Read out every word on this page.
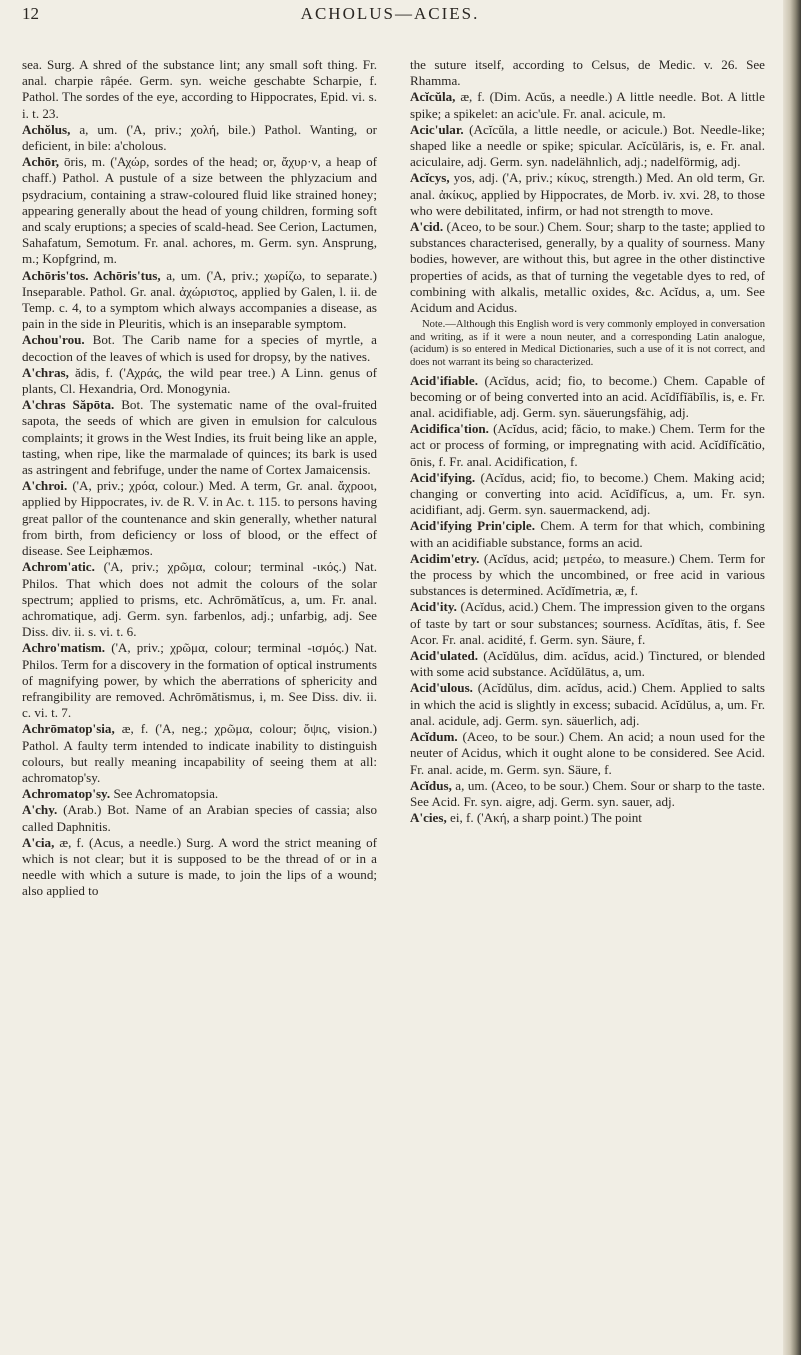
12	ACHOLUS—ACIES.

sea. Surg. A shred of the substance lint; any small soft thing. Fr. anal. charpie râpée. Germ. syn. weiche geschabte Scharpie, f. Pathol. The sordes of the eye, according to Hippocrates, Epid. vi. s. i. t. 23.

Achŏlus, a, um. ('A, priv.; χολή, bile.) Pathol. Wanting, or deficient, in bile: a'cholous.

Achōr, ōris, m. ('Αχώρ, sordes of the head; or, ἄχυρ·ν, a heap of chaff.) Pathol. A pustule of a size between the phlyzacium and psydracium, containing a straw-coloured fluid like strained honey; appearing generally about the head of young children, forming soft and scaly eruptions; a species of scald-head. See Cerion, Lactumen, Sahafatum, Semotum. Fr. anal. achores, m. Germ. syn. Ansprung, m.; Kopfgrind, m.

Achōris'tos. Achōris'tus, a, um. ('A, priv.; χωρίζω, to separate.) Inseparable. Pathol. Gr. anal. ἀχώριστος, applied by Galen, l. ii. de Temp. c. 4, to a symptom which always accompanies a disease, as pain in the side in Pleuritis, which is an inseparable symptom.

Achou'rou. Bot. The Carib name for a species of myrtle, a decoction of the leaves of which is used for dropsy, by the natives.

A'chras, ădis, f. ('Αχράς, the wild pear tree.) A Linn. genus of plants, Cl. Hexandria, Ord. Monogynia.

A'chras Săpōta. Bot. The systematic name of the oval-fruited sapota, the seeds of which are given in emulsion for calculous complaints; it grows in the West Indies, its fruit being like an apple, tasting, when ripe, like the marmalade of quinces; its bark is used as astringent and febrifuge, under the name of Cortex Jamaicensis.

A'chroi. ('A, priv.; χρόα, colour.) Med. A term, Gr. anal. ἄχροοι, applied by Hippocrates, iv. de R. V. in Ac. t. 115. to persons having great pallor of the countenance and skin generally, whether natural from birth, from deficiency or loss of blood, or the effect of disease. See Leiphæmos.

Achrom'atic. ('A, priv.; χρῶμα, colour; terminal -ικός.) Nat. Philos. That which does not admit the colours of the solar spectrum; applied to prisms, etc. Achrōmătĭcus, a, um. Fr. anal. achromatique, adj. Germ. syn. farbenlos, adj.; unfarbig, adj. See Diss. div. ii. s. vi. t. 6.

Achro'matism. ('A, priv.; χρῶμα, colour; terminal -ισμός.) Nat. Philos. Term for a discovery in the formation of optical instruments of magnifying power, by which the aberrations of sphericity and refrangibility are removed. Achrōmătismus, i, m. See Diss. div. ii. c. vi. t. 7.

Achrōmatop'sia, æ, f. ('A, neg.; χρῶμα, colour; ὄψις, vision.) Pathol. A faulty term intended to indicate inability to distinguish colours, but really meaning incapability of seeing them at all: achromatop'sy.

Achromatop'sy. See Achromatopsia.

A'chy. (Arab.) Bot. Name of an Arabian species of cassia; also called Daphnitis.

A'cia, æ, f. (Acus, a needle.) Surg. A word the strict meaning of which is not clear; but it is supposed to be the thread of or in a needle with which a suture is made, to join the lips of a wound; also applied to

the suture itself, according to Celsus, de Medic. v. 26. See Rhamma.

Acĭcŭla, æ, f. (Dim. Acŭs, a needle.) A little needle. Bot. A little spike; a spikelet: an acic'ule. Fr. anal. acicule, m.

Acic'ular. (Acĭcŭla, a little needle, or acicule.) Bot. Needle-like; shaped like a needle or spike; spicular. Acĭcŭlāris, is, e. Fr. anal. aciculaire, adj. Germ. syn. nadelähnlich, adj.; nadelförmig, adj.

Acĭcys, yos, adj. ('A, priv.; κίκυς, strength.) Med. An old term, Gr. anal. ἀκίκυς, applied by Hippocrates, de Morb. iv. xvi. 28, to those who were debilitated, infirm, or had not strength to move.

A'cid. (Aceo, to be sour.) Chem. Sour; sharp to the taste; applied to substances characterised, generally, by a quality of sourness. Many bodies, however, are without this, but agree in the other distinctive properties of acids, as that of turning the vegetable dyes to red, of combining with alkalis, metallic oxides, &c. Acĭdus, a, um. See Acidum and Acidus.

Note.—Although this English word is very commonly employed in conversation and writing, as if it were a noun neuter, and a corresponding Latin analogue, (acidum) is so entered in Medical Dictionaries, such a use of it is not correct, and does not warrant its being so characterized.

Acid'ifiable. (Acĭdus, acid; fio, to become.) Chem. Capable of becoming or of being converted into an acid. Acĭdĭfĭābĭlis, is, e. Fr. anal. acidifiable, adj. Germ. syn. säuerungsfähig, adj.

Acidifica'tion. (Acĭdus, acid; făcio, to make.) Chem. Term for the act or process of forming, or impregnating with acid. Acĭdĭfĭcātio, ōnis, f. Fr. anal. Acidification, f.

Acid'ifying. (Acĭdus, acid; fio, to become.) Chem. Making acid; changing or converting into acid. Acĭdĭfĭcus, a, um. Fr. syn. acidifiant, adj. Germ. syn. sauermackend, adj.

Acid'ifying Prin'ciple. Chem. A term for that which, combining with an acidifiable substance, forms an acid.

Acidim'etry. (Acĭdus, acid; μετρέω, to measure.) Chem. Term for the process by which the uncombined, or free acid in various substances is determined. Acĭdĭmetria, æ, f.

Acid'ity. (Acĭdus, acid.) Chem. The impression given to the organs of taste by tart or sour substances; sourness. Acĭdĭtas, ātis, f. See Acor. Fr. anal. acidité, f. Germ. syn. Säure, f.

Acid'ulated. (Acĭdŭlus, dim. acĭdus, acid.) Tinctured, or blended with some acid substance. Acĭdŭlātus, a, um.

Acid'ulous. (Acĭdŭlus, dim. acĭdus, acid.) Chem. Applied to salts in which the acid is slightly in excess; subacid. Acĭdŭlus, a, um. Fr. anal. acidule, adj. Germ. syn. säuerlich, adj.

Acĭdum. (Aceo, to be sour.) Chem. An acid; a noun used for the neuter of Acidus, which it ought alone to be considered. See Acid. Fr. anal. acide, m. Germ. syn. Säure, f.

Acĭdus, a, um. (Aceo, to be sour.) Chem. Sour or sharp to the taste. See Acid. Fr. syn. aigre, adj. Germ. syn. sauer, adj.

A'cies, ei, f. ('Ακή, a sharp point.) The point
